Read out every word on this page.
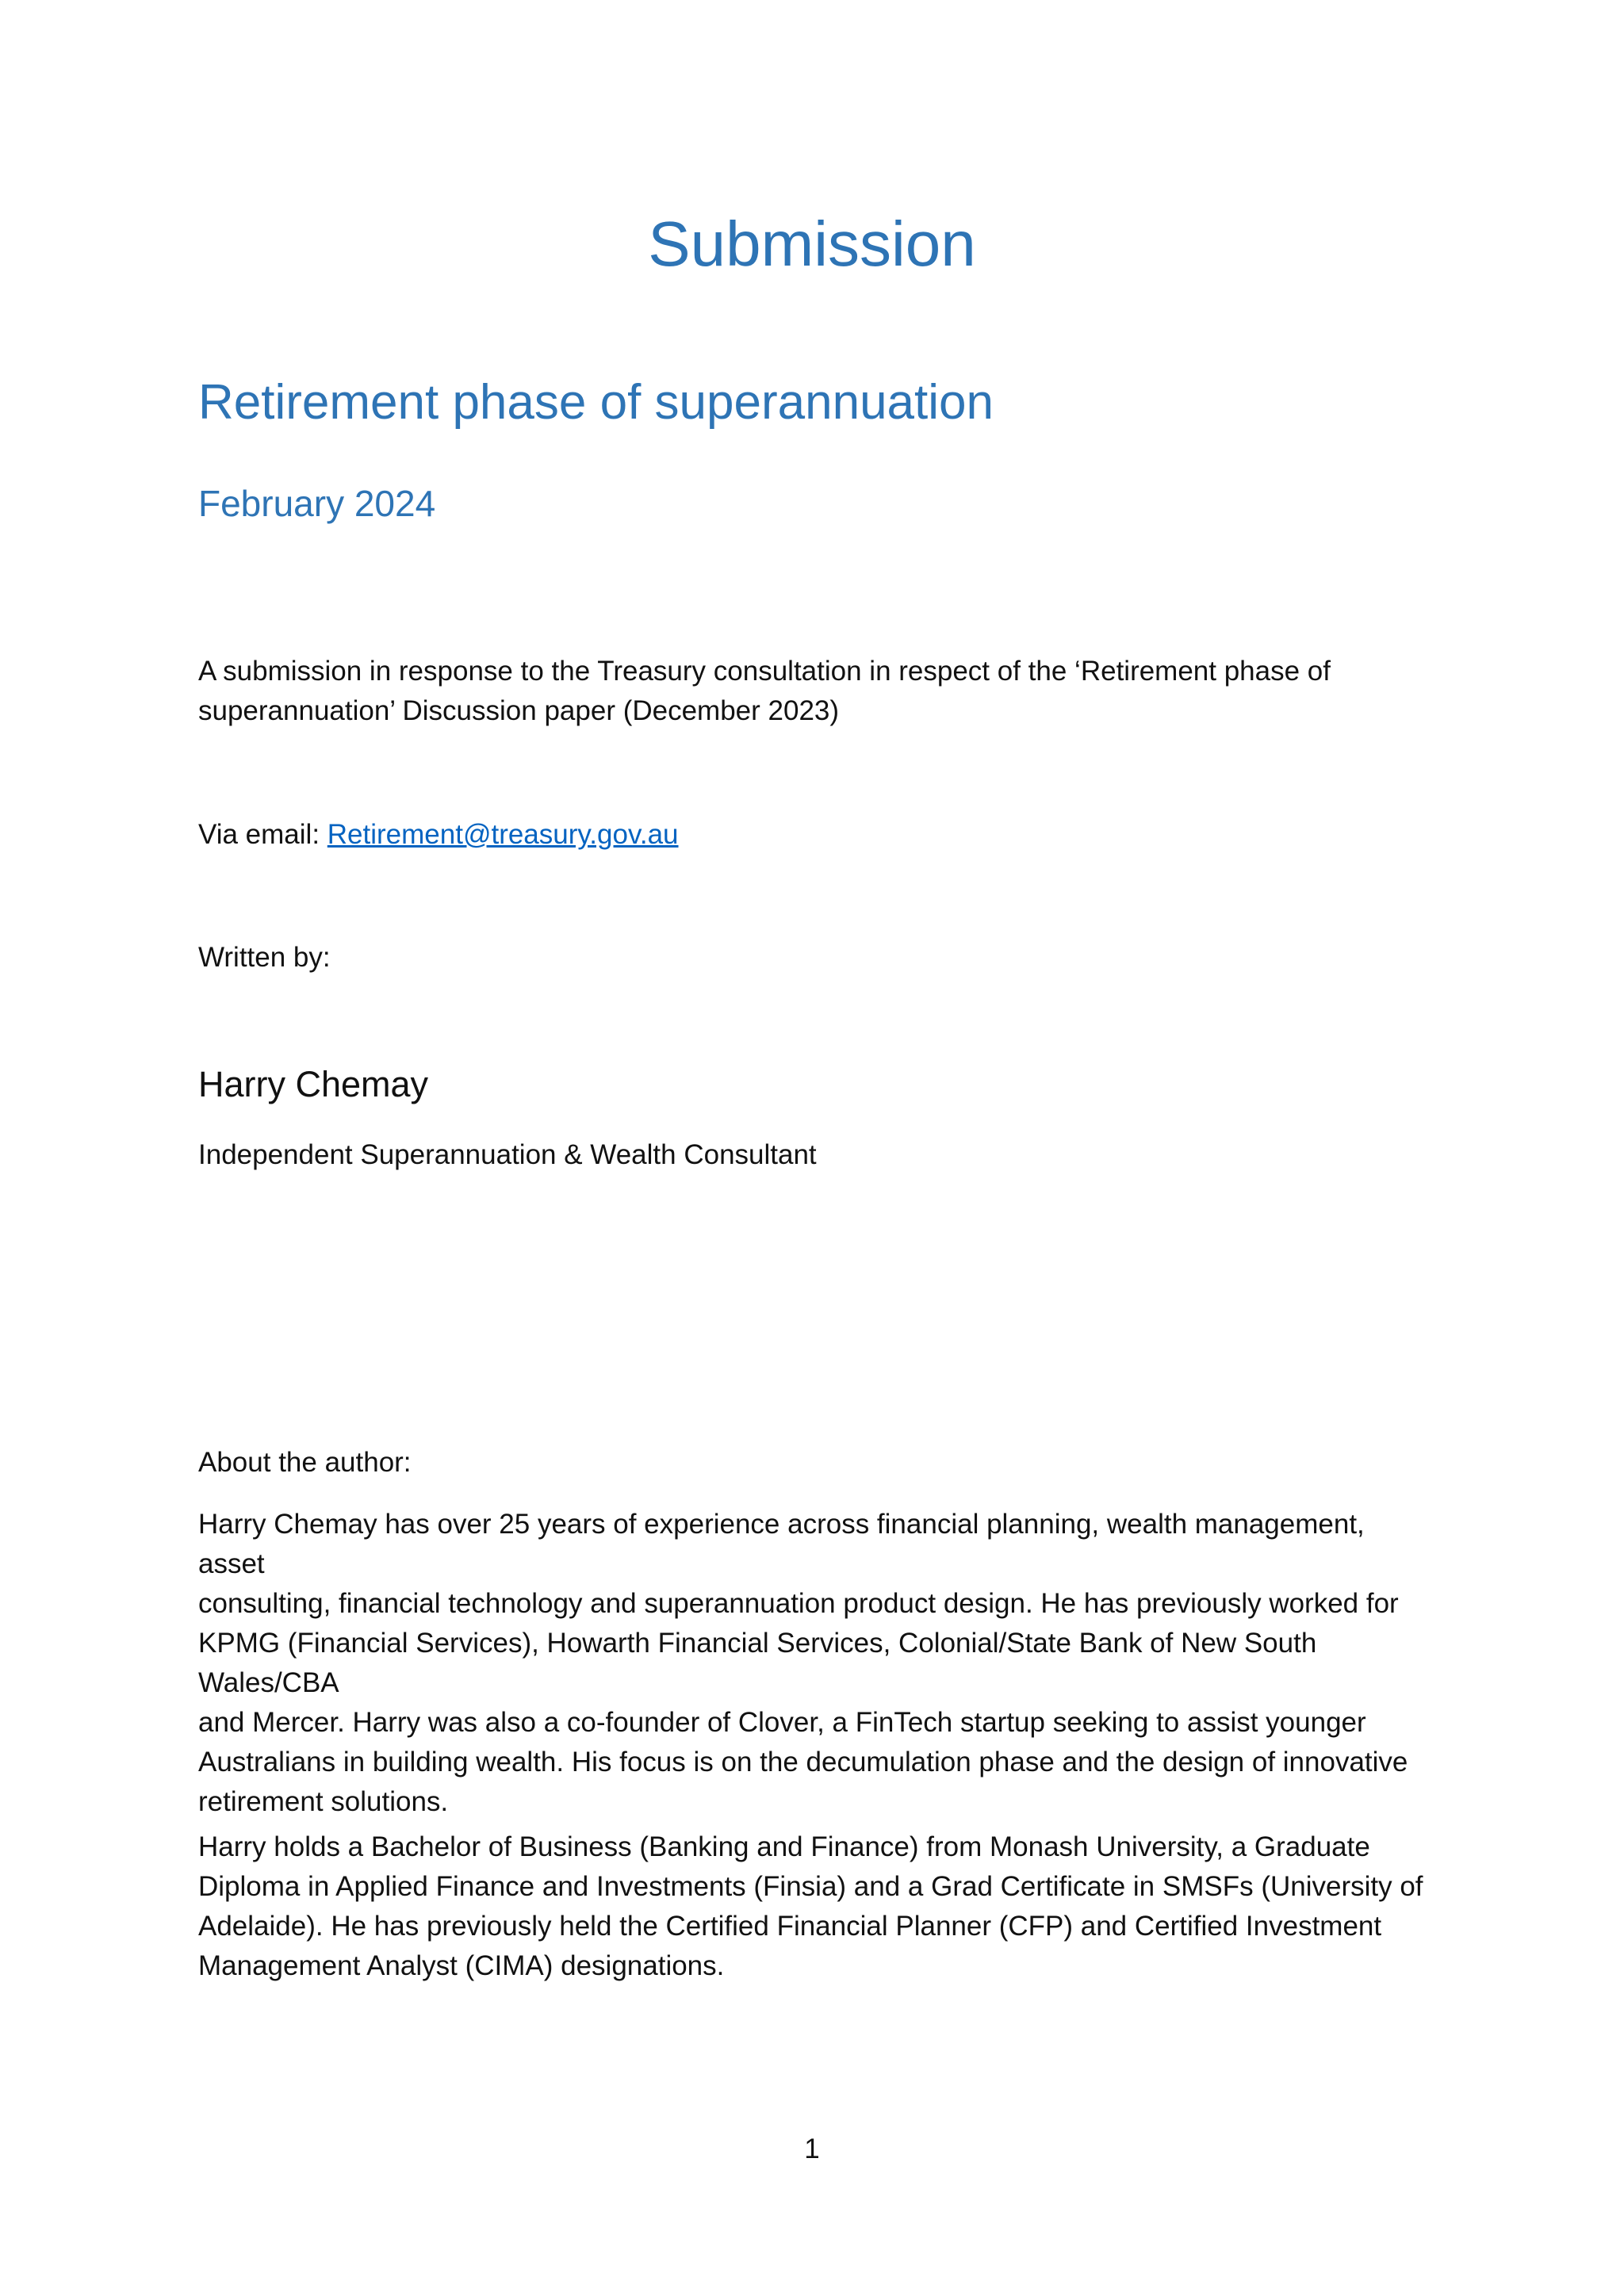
Submission
Retirement phase of superannuation
February 2024
A submission in response to the Treasury consultation in respect of the ‘Retirement phase of
superannuation’ Discussion paper (December 2023)
Via email: Retirement@treasury.gov.au
Written by:
Harry Chemay
Independent Superannuation & Wealth Consultant
About the author:
Harry Chemay has over 25 years of experience across financial planning, wealth management, asset
consulting, financial technology and superannuation product design. He has previously worked for
KPMG (Financial Services), Howarth Financial Services, Colonial/State Bank of New South Wales/CBA
and Mercer. Harry was also a co-founder of Clover, a FinTech startup seeking to assist younger
Australians in building wealth. His focus is on the decumulation phase and the design of innovative
retirement solutions.
Harry holds a Bachelor of Business (Banking and Finance) from Monash University, a Graduate
Diploma in Applied Finance and Investments (Finsia) and a Grad Certificate in SMSFs (University of
Adelaide). He has previously held the Certified Financial Planner (CFP) and Certified Investment
Management Analyst (CIMA) designations.
1
